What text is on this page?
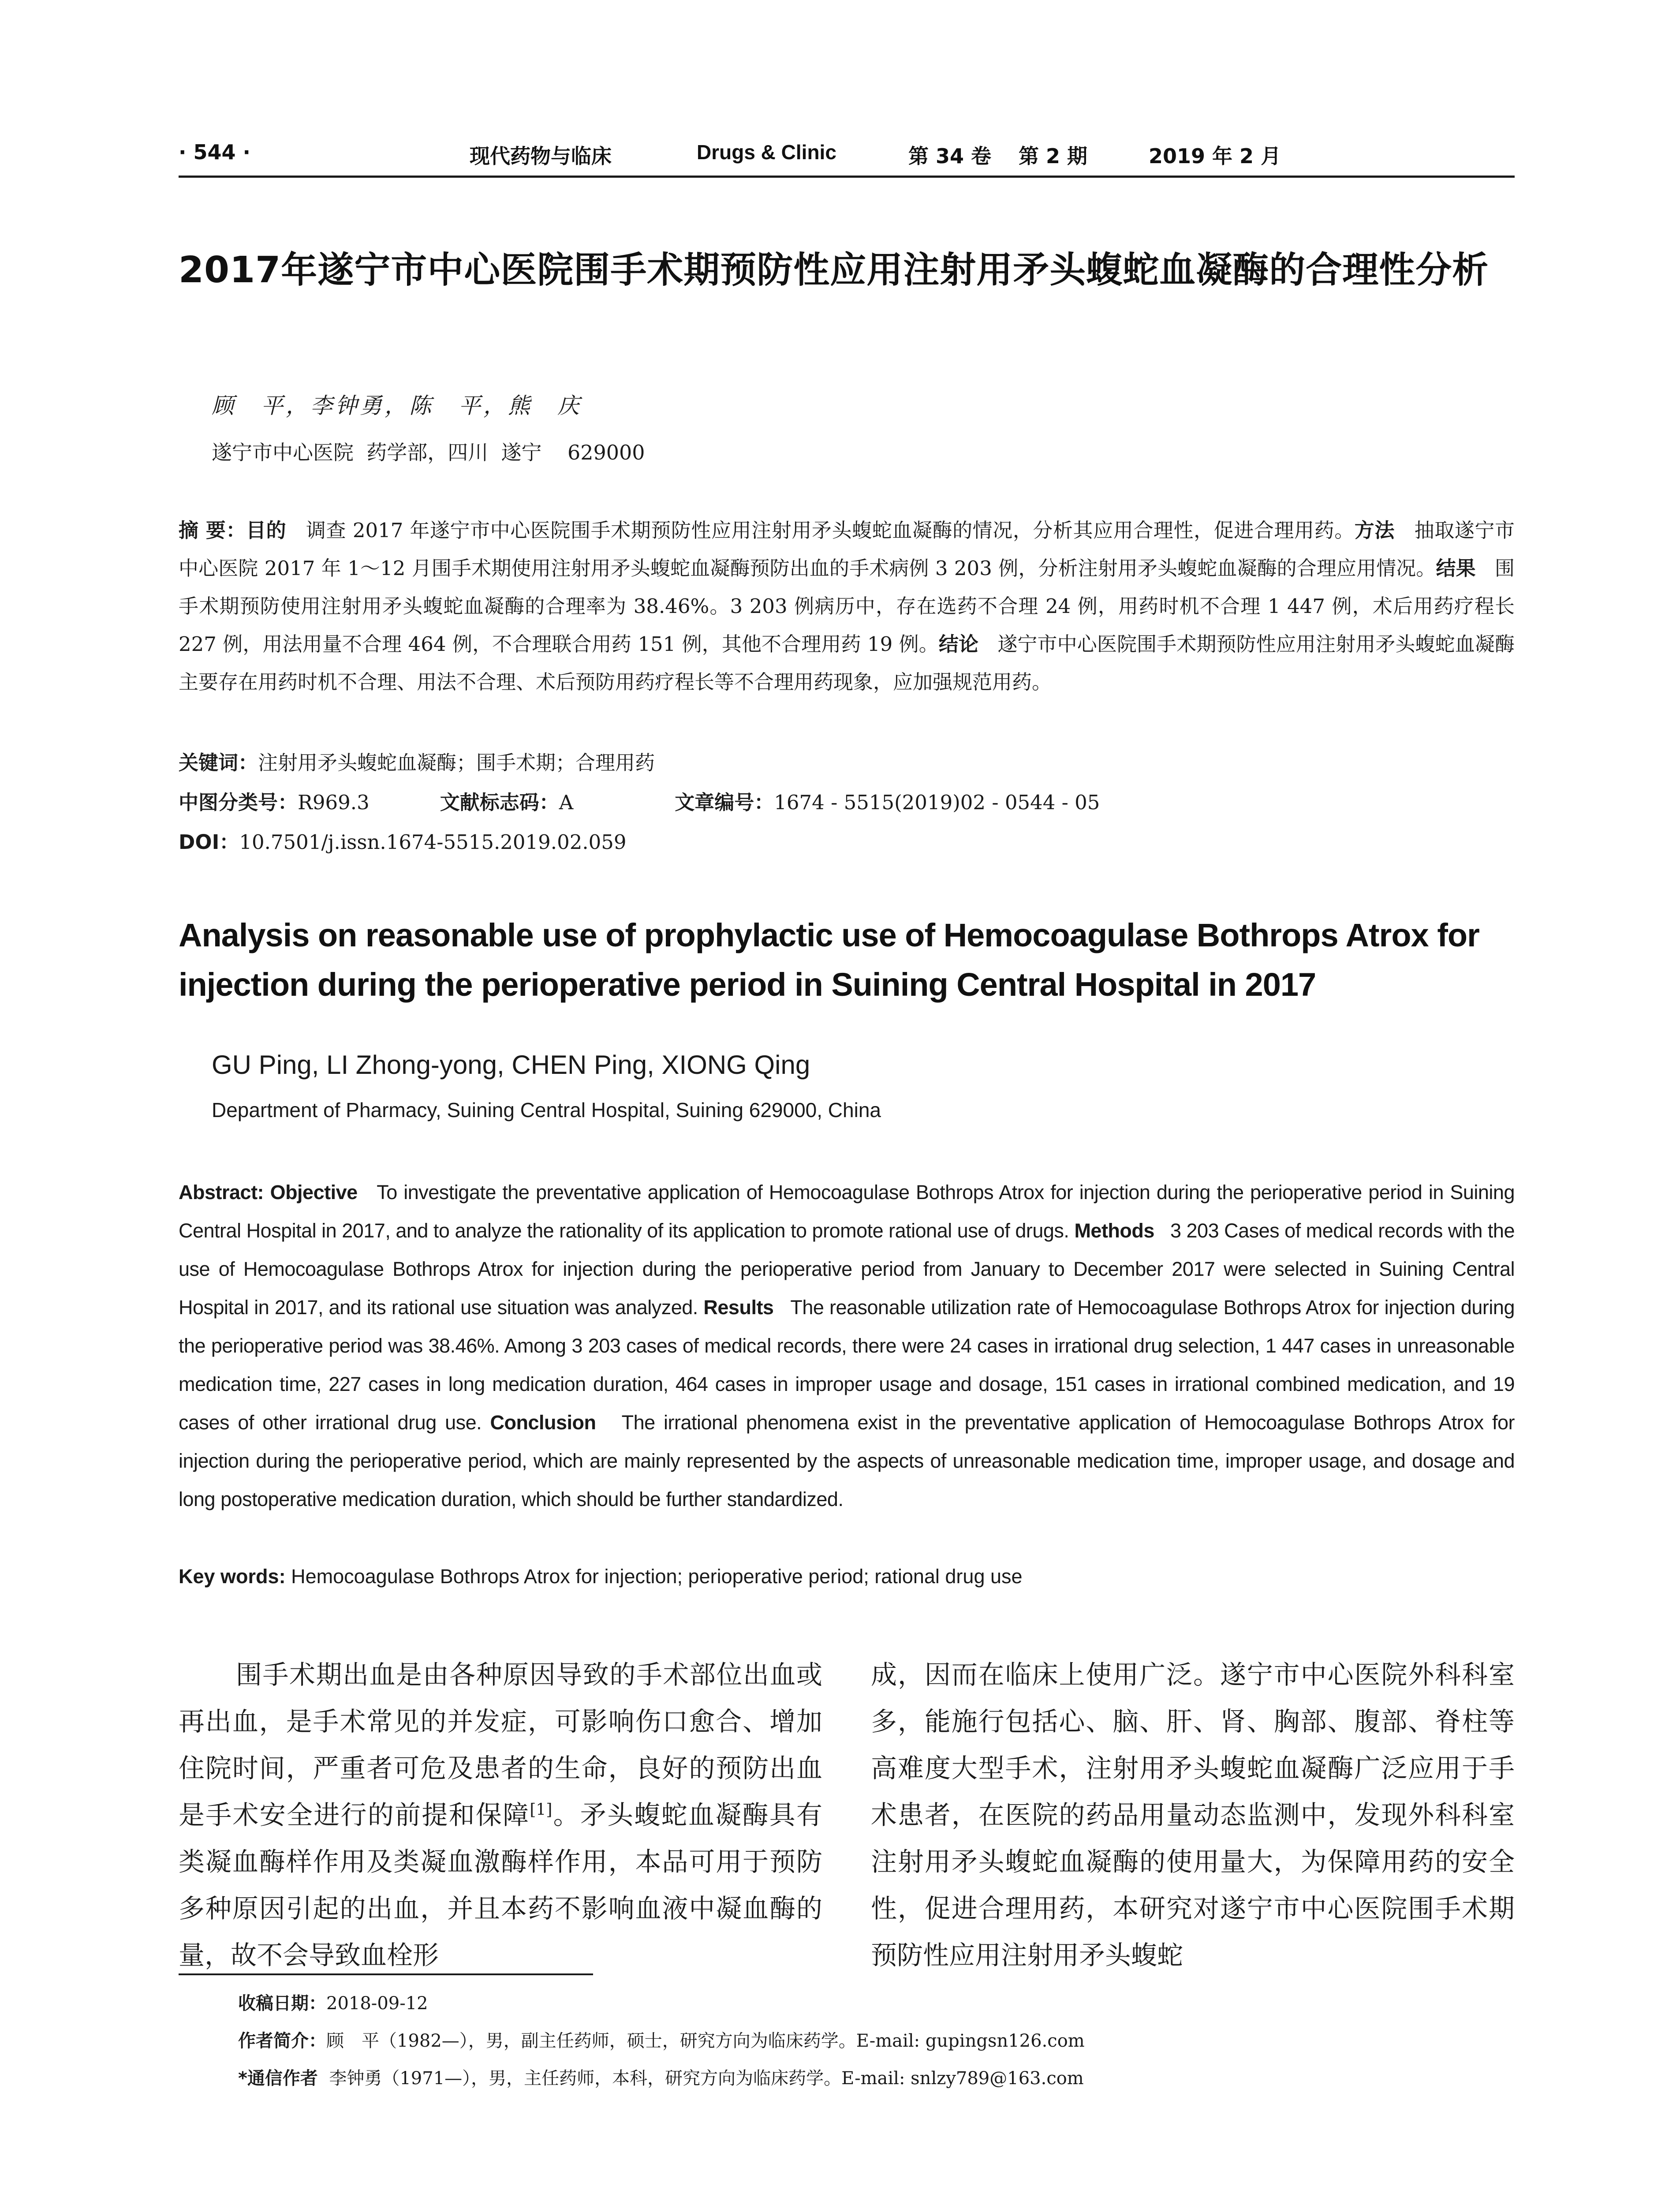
· 544 ·	现代药物与临床	Drugs & Clinic	第 34 卷 第 2 期	2019 年 2 月
2017年遂宁市中心医院围手术期预防性应用注射用矛头蝮蛇血凝酶的合理性分析
顾　平，李钟勇，陈　平，熊　庆
遂宁市中心医院  药学部，四川  遂宁    629000
摘 要：目的 调查 2017 年遂宁市中心医院围手术期预防性应用注射用矛头蝮蛇血凝酶的情况，分析其应用合理性，促进合理用药。方法 抽取遂宁市中心医院 2017 年 1～12 月围手术期使用注射用矛头蝮蛇血凝酶预防出血的手术病例 3 203 例，分析注射用矛头蝮蛇血凝酶的合理应用情况。结果 围手术期预防使用注射用矛头蝮蛇血凝酶的合理率为 38.46%。3 203 例病历中，存在选药不合理 24 例，用药时机不合理 1 447 例，术后用药疗程长 227 例，用法用量不合理 464 例，不合理联合用药 151 例，其他不合理用药 19 例。结论 遂宁市中心医院围手术期预防性应用注射用矛头蝮蛇血凝酶主要存在用药时机不合理、用法不合理、术后预防用药疗程长等不合理用药现象，应加强规范用药。
关键词：注射用矛头蝮蛇血凝酶；围手术期；合理用药
中图分类号：R969.3	文献标志码：A	文章编号：1674 - 5515(2019)02 - 0544 - 05
DOI：10.7501/j.issn.1674-5515.2019.02.059
Analysis on reasonable use of prophylactic use of Hemocoagulase Bothrops Atrox for injection during the perioperative period in Suining Central Hospital in 2017
GU Ping, LI Zhong-yong, CHEN Ping, XIONG Qing
Department of Pharmacy, Suining Central Hospital, Suining 629000, China
Abstract: Objective To investigate the preventative application of Hemocoagulase Bothrops Atrox for injection during the perioperative period in Suining Central Hospital in 2017, and to analyze the rationality of its application to promote rational use of drugs. Methods 3 203 Cases of medical records with the use of Hemocoagulase Bothrops Atrox for injection during the perioperative period from January to December 2017 were selected in Suining Central Hospital in 2017, and its rational use situation was analyzed. Results The reasonable utilization rate of Hemocoagulase Bothrops Atrox for injection during the perioperative period was 38.46%. Among 3 203 cases of medical records, there were 24 cases in irrational drug selection, 1 447 cases in unreasonable medication time, 227 cases in long medication duration, 464 cases in improper usage and dosage, 151 cases in irrational combined medication, and 19 cases of other irrational drug use. Conclusion The irrational phenomena exist in the preventative application of Hemocoagulase Bothrops Atrox for injection during the perioperative period, which are mainly represented by the aspects of unreasonable medication time, improper usage, and dosage and long postoperative medication duration, which should be further standardized.
Key words: Hemocoagulase Bothrops Atrox for injection; perioperative period; rational drug use
围手术期出血是由各种原因导致的手术部位出血或再出血，是手术常见的并发症，可影响伤口愈合、增加住院时间，严重者可危及患者的生命，良好的预防出血是手术安全进行的前提和保障[1]。矛头蝮蛇血凝酶具有类凝血酶样作用及类凝血激酶样作用，本品可用于预防多种原因引起的出血，并且本药不影响血液中凝血酶的量，故不会导致血栓形
成，因而在临床上使用广泛。遂宁市中心医院外科科室多，能施行包括心、脑、肝、肾、胸部、腹部、脊柱等高难度大型手术，注射用矛头蝮蛇血凝酶广泛应用于手术患者，在医院的药品用量动态监测中，发现外科科室注射用矛头蝮蛇血凝酶的使用量大，为保障用药的安全性，促进合理用药，本研究对遂宁市中心医院围手术期预防性应用注射用矛头蝮蛇
收稿日期：2018-09-12
作者简介：顾　平（1982—），男，副主任药师，硕士，研究方向为临床药学。E-mail: gupingsn126.com
*通信作者  李钟勇（1971—），男，主任药师，本科，研究方向为临床药学。E-mail: snlzy789@163.com
